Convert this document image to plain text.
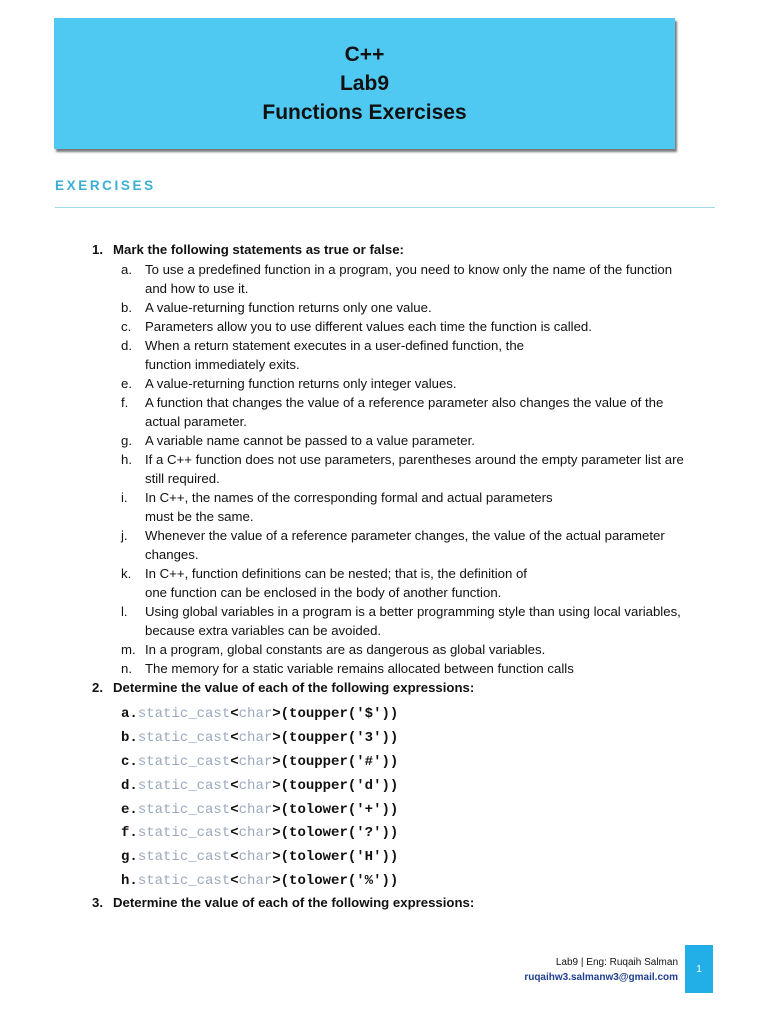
C++
Lab9
Functions Exercises
EXERCISES
1. Mark the following statements as true or false:
a. To use a predefined function in a program, you need to know only the name of the function
and how to use it.
b. A value-returning function returns only one value.
c.	Parameters allow you to use different values each time the function is called.
d. When a return statement executes in a user-defined function, the
function immediately exits.
e. A value-returning function returns only integer values.
f.	A function that changes the value of a reference parameter also changes the value of the
actual parameter.
g. A variable name cannot be passed to a value parameter.
h. If a C++ function does not use parameters, parentheses around the empty parameter list are
still required.
i.	In C++, the names of the corresponding formal and actual parameters
must be the same.
j.	Whenever the value of a reference parameter changes, the value of the actual parameter
changes.
k.	In C++, function definitions can be nested; that is, the definition of
one function can be enclosed in the body of another function.
l.	Using global variables in a program is a better programming style than using local variables,
because extra variables can be avoided.
m. In a program, global constants are as dangerous as global variables.
n. The memory for a static variable remains allocated between function calls
2. Determine the value of each of the following expressions:
a. static_cast < char >(toupper('$'))
b. static_cast < char >(toupper('3'))
c. static_cast < char >(toupper('#'))
d. static_cast < char >(toupper('d'))
e. static_cast < char >(tolower('+'))
f. static_cast < char >(tolower('?'))
g. static_cast < char >(tolower('H'))
h. static_cast < char >(tolower('%'))
3. Determine the value of each of the following expressions:
Lab9 | Eng: Ruqaih Salman
ruqaihw3.salmanw3@gmail.com
1
